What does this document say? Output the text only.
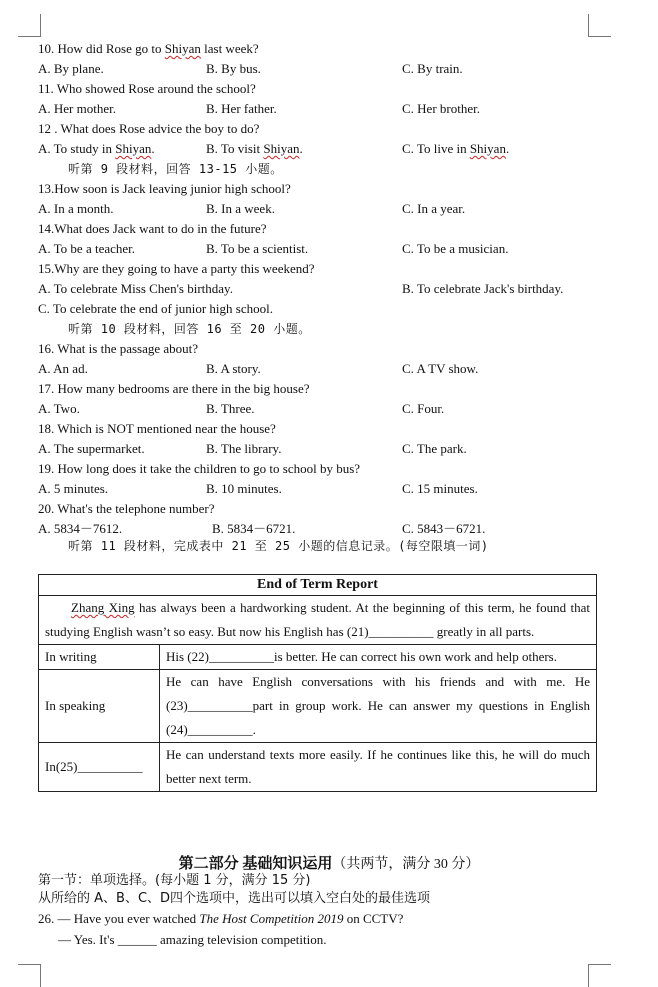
10. How did Rose go to Shiyan last week?
A. By plane.	B. By bus.	C. By train.
11. Who showed Rose around the school?
A. Her mother.	B. Her father.	C. Her brother.
12 . What does Rose advice the boy to do?
A. To study in Shiyan.	B. To visit Shiyan.	C. To live in Shiyan.
听第 9 段材料，回答 13-15 小题。
13.How soon is Jack leaving junior high school?
A. In a month.	B. In a week.	C. In a year.
14.What does Jack want to do in the future?
A. To be a teacher.	B. To be a scientist.	C. To be a musician.
15.Why are they going to have a party this weekend?
A. To celebrate Miss Chen's birthday.	B. To celebrate Jack's birthday.
C. To celebrate the end of junior high school.
听第 10 段材料，回答 16 至 20 小题。
16. What is the passage about?
A. An ad.	B. A story.	C. A TV show.
17. How many bedrooms are there in the big house?
A. Two.	B. Three.	C. Four.
18. Which is NOT mentioned near the house?
A. The supermarket.	B. The library.	C. The park.
19. How long does it take the children to go to school by bus?
A. 5 minutes.	B. 10 minutes.	C. 15 minutes.
20. What's the telephone number?
A. 5834－7612.	B. 5834－6721.	C. 5843－6721.
听第 11 段材料，完成表中 21 至 25 小题的信息记录。(每空限填一词)
End of Term Report	
Zhang Xing has always been a hardworking student. At the beginning of this term, he found that studying English wasn’t so easy. But now his English has (21)__________ greatly in all parts.	
In writing	His (22)__________is better. He can correct his own work and help others.
In speaking	He can have English conversations with his friends and with me. He (23)__________part in group work. He can answer my questions in English (24)__________.
In(25)__________	He can understand texts more easily. If he continues like this, he will do much better next term.
第二部分 基础知识运用（共两节，满分 30 分）
第一节：单项选择。(每小题 1 分，满分 15 分)
从所给的 A、B、C、D四个选项中，选出可以填入空白处的最佳选项
26. — Have you ever watched The Host Competition 2019 on CCTV?
— Yes. It's ______ amazing television competition.
